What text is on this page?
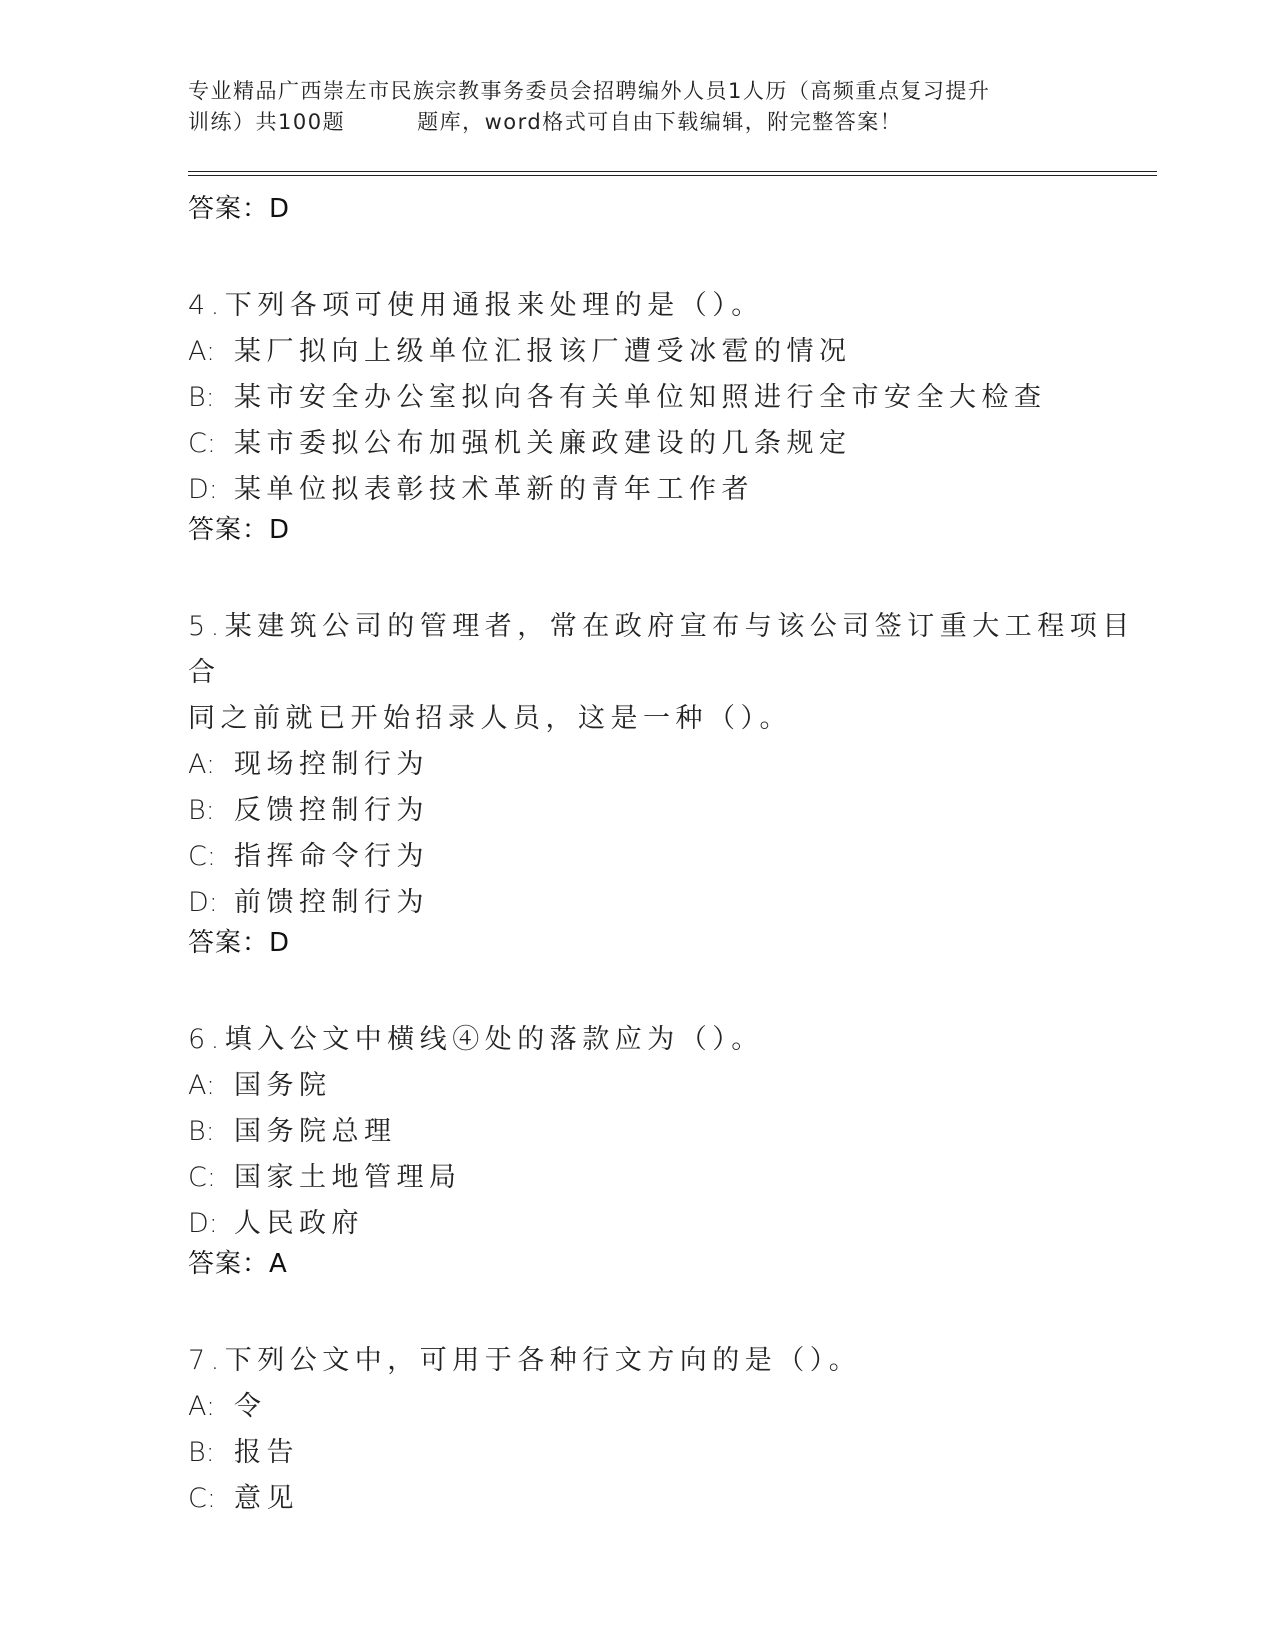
专业精品广西崇左市民族宗教事务委员会招聘编外人员1人历（高频重点复习提升
训练）共100题	题库，word格式可自由下载编辑，附完整答案！
答案：D
4.下列各项可使用通报来处理的是（）。
A: 某厂拟向上级单位汇报该厂遭受冰雹的情况
B: 某市安全办公室拟向各有关单位知照进行全市安全大检查
C: 某市委拟公布加强机关廉政建设的几条规定
D: 某单位拟表彰技术革新的青年工作者
答案：D
5.某建筑公司的管理者，常在政府宣布与该公司签订重大工程项目合
同之前就已开始招录人员，这是一种（）。
A: 现场控制行为
B: 反馈控制行为
C: 指挥命令行为
D: 前馈控制行为
答案：D
6.填入公文中横线④处的落款应为（）。
A: 国务院
B: 国务院总理
C: 国家土地管理局
D: 人民政府
答案：A
7.下列公文中，可用于各种行文方向的是（）。
A: 令
B: 报告
C: 意见
